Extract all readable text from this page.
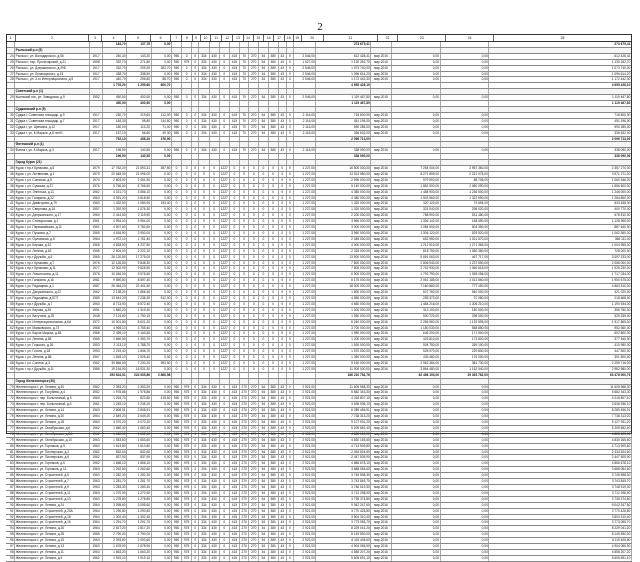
2
1	2	3	4	5	6	7	8	9	10	11	12	13	14	15	16	17	18	19	20	21	22	23	24	25
184,70	137,76	0,00	273 675,41	273 675,41
Рыльский р-н (5)
24 Рыльск г, ул. Володарского, д.56	1917	240,40	143,20	0,00	950	0	0	334	430	0	415	70	270	54	380	43	0	2 546,00	612 428,41	мар.2015	0,00	0,00	612 428,41
25 Рыльск г, пер. Пролетарский, д.21	1958	332,70	271,80	0,00	950	975	0	334	430	0	415	70	270	54	380	43	0	1 527,00	1 130 262,70	мар.2015	0,00	0,00	1 130 262,70
26 Рыльск г, ул. Дзержинского, д.29Б	1917	332,70	209,30	263,70	950	0	0	334	430	0	415	70	270	54	380	43	0	2 546,00	1 073 740,00	мар.2015	0,00	0,00	1 073 740,00
27 Рыльск г, ул. Луначарского, д.15	1917	438,70	338,50	0,00	950	0	0	334	430	0	415	70	270	54	380	43	0	2 546,00	1 096 614,20	мар.2015	0,00	0,00	1 096 614,20
28 Рыльск г, ул. 3-го Интернационала, д.5	1917	440,70	296,80	88,70	950	0	0	334	430	0	415	70	270	54	380	43	0	2 546,00	1 172 442,30	мар.2015	0,00	0,00	1 172 442,30
1 776,20	1 259,60	600,70	4 655 428,10	4 655 428,10
Советский р-н (1)
29 Кшенский пос, ул. Заводская, д.9	1952	450,50	400,50	0,00	950	0	0	334	430	0	415	70	270	54	380	43	0	2 546,00	1 119 467,80	мар.2015	0,00	0,00	1 119 467,80
450,50	400,50	0,00	1 119 467,80	1 119 467,80
Суджанский р-н (5)
30 Суджа г, Советская площадь, д.9	1917	230,70	219,60	112,00	950	0	0	334	430	0	415	70	270	54	380	43	0	2 116,00	718 600,00	мар.2015	0,00	0,00	718 600,00
31 Суджа г, Советская площадь, д.7	1917	184,30	98,80	144,60	950	0	0	334	430	0	415	70	270	54	380	43	0	2 116,00	451 196,00	мар.2015	0,00	0,00	451 196,00
32 Суджа г, ул. Щепкина, д.12	1917	180,00	113,20	71,00	950	0	0	334	430	0	415	70	270	54	380	43	0	2 116,00	590 285,00	мар.2015	0,00	0,00	590 285,00
33 Суджа г, ул. К.Маркса, д.8 лит.Б	1917	157,10	66,60	49,30	950	0	0	334	430	0	415	70	270	54	380	43	0	2 116,00	336 632,00	мар.2015	0,00	0,00	336 632,00
752,10	498,20	376,90	2 096 713,00	2 096 713,00
Фатежский р-н (1)
34 Фатеж г, ул. К.Маркса, д.3	1917	196,50	140,50	0,00	950	0	0	334	430	0	415	70	270	54	380	43	0	2 116,00	338 090,00	мар.2015	0,00	0,00	338 090,00
196,50	140,50	0,00	338 090,00	338 090,00
Город Курск (21)
35 Курск г, пр-т Кулакова, д.5	1979	17 762,20	21 693,31	357,50	0	0	0	0	0	1227	0	0	0	0	0	0	0	1 227,00	16 600 000,00	мар.2016	7 254 004,00	2 957 360,00	2 357 270,00
36 Курск г, ул. Литвинова, д.1	1979	22 648,90	21 096,00	0,00	0	0	0	0	0	1227	0	0	0	0	0	0	0	1 227,00	13 513 580,00	мар.2016	6 271 899,00	2 221 075,00	3 971 271,00
37 Курск г, ул. Союзная, д.5	1974	2 803,00	2 451,50	0,00	0	0	0	0	0	1227	0	0	0	0	0	0	0	1 227,00	2 996 000,00	мар.2016	979 900,00	88 706,00	1 060 346,00
38 Курск г, ул. Сумская, д.37	1976	5 766,50	5 766,50	0,00	0	0	0	0	0	1227	0	0	0	0	0	0	0	1 227,00	5 140 000,00	мар.2016	1 882 900,00	2 080 090,00	1 856 600,00
39 Курск г, ул. Энгельса, д.11	1962	4 021,70	3 586,10	0,00	0	0	0	0	0	1227	0	0	0	0	0	0	0	1 227,00	4 380 000,00	мар.2016	1 488 900,00	1 236 500,00	1 246 000,00
40 Курск г, ул. Гагарина, д.22	1963	4 091,20	3 618,50	0,00	0	0	0	0	0	1227	0	0	0	0	0	0	0	1 227,00	4 380 000,00	мар.2016	1 503 960,00	1 322 590,00	1 284 800,00
41 Курск г, ул. Димитрова, д.79	1960	1 432,50	1 083,90	193,40	0	0	0	0	0	1227	0	0	0	0	0	0	0	1 227,00	1 320 000,00	мар.2016	320 120,00	73 694,00	633 638,00
42 Курск г, ул. Сверлова, д.16	1957	1 392,90	1 076,30	0,00	0	0	0	0	0	1227	0	0	0	0	0	0	0	1 227,00	1 320 000,00	мар.2016	321 040,00	298 020,00	400 770,00
43 Курск г, ул. Дзержинского, д.17	1960	2 414,50	2 119,90	0,00	0	0	0	0	0	1227	0	0	0	0	0	0	0	1 227,00	2 200 000,00	мар.2016	788 900,00	531 480,00	678 510,00
44 Курск г, ул. Станционная, д.1	1961	4 954,00	3 954,00	0,00	0	0	0	0	0	1227	0	0	0	0	0	0	0	1 227,00	3 960 000,00	мар.2016	1 306 142,00	158 490,00	1 128 966,00
45 Курск г, ул. Первомайская, д.11	1961	4 507,60	3 782,60	0,00	0	0	0	0	0	1227	0	0	0	0	0	0	0	1 227,00	3 300 000,00	мар.2016	1 084 600,00	504 350,00	887 640,00
46 Курск г, ул. Пучкова, д.7	1965	4 616,90	3 950,00	0,00	0	0	0	0	0	1227	0	0	0	0	0	0	0	1 227,00	3 960 000,00	мар.2016	1 306 120,00	529 520,00	1 062 360,00
47 Курск г, ул. Орловская, д.5	1964	1 972,10	1 761,40	0,00	0	0	0	0	0	1227	0	0	0	0	0	0	0	1 227,00	2 045 000,00	мар.2016	652 950,00	1 021 570,00	366 111,00
48 Курск г, ул. Кирова, д.32	1965	4 818,90	4 237,50	0,00	0	0	0	0	0	1227	0	0	0	0	0	0	0	1 227,00	4 000 000,00	мар.2016	1 212 510,00	1 271 365,00	1 004 955,00
49 Курск г, ул. Ленина, д.62	1968	2 604,00	2 222,10	0,00	0	0	0	0	0	1227	0	0	0	0	0	0	0	1 227,00	2 325 000,00	мар.2016	818 750,00	1 080 380,00	725 000,00
50 Курск г, пр-т Дружбы, д.5	1965	26 120,80	17 275,00	0,00	0	0	0	0	0	1227	0	0	0	0	0	0	0	1 227,00	13 500 000,00	мар.2016	5 691 063,00	467 717,00	3 097 233,00
51 Курск г, пр-т Кулакова, д.7	1976	12 126,80	9 848,30	0,00	0	0	0	0	0	1227	0	0	0	0	0	0	0	1 227,00	7 800 000,00	мар.2016	2 806 940,00	1 237 590,00	2 056 000,00
52 Курск г, пр-т Кулакова, д.11	1977	12 002,90	9 825,50	0,00	0	0	0	0	0	1227	0	0	0	0	0	0	0	1 227,00	7 800 000,00	мар.2016	2 742 930,00	1 060 618,00	1 925 230,00
53 Курск г, ул. Ломоносова, д.11	1978	10 046,50	9 576,50	0,00	0	0	0	0	0	1227	0	0	0	0	0	0	0	1 227,00	6 500 000,00	мар.2016	1 792 790,00	1 055 056,00	1 717 034,00
54 Курск г, ул. Гагарина, д.16	1981	9 890,50	8 597,40	0,00	0	0	0	0	0	1227	0	0	0	0	0	0	0	1 227,00	6 175 000,00	мар.2016	2 061 185,00	1 013 560,00	1 950 575,00
55 Курск г, ул. Радищева, д.1	1987	26 464,20	22 401,50	0,00	0	0	0	0	0	1227	0	0	0	0	0	0	0	1 227,00	18 000 000,00	мар.2016	7 160 880,00	777 150,00	4 863 510,00
56 Курск г, ул. Дзержинского, д.22	1962	2 138,20	1 866,40	0,00	0	0	0	0	0	1227	0	0	0	0	0	0	0	1 227,00	1 800 000,00	мар.2016	627 760,00	540 000,00	421 020,00
57 Курск г, ул. Радищева, д.87/7	1989	13 644,20	7 236,30	512,00	0	0	0	0	0	1227	0	0	0	0	0	0	0	1 227,00	4 850 000,00	мар.2016	255 373,00	37 080,00	218 668,00
58 Курск г, пр-т Дружбы, д.7	1960	8 713,90	6 572,40	0,00	0	0	0	0	0	1227	0	0	0	0	0	0	0	1 227,00	4 650 000,00	мар.2016	1 484 216,00	1 306 210,00	1 190 934,00
59 Курск г, ул. Кирова, д.35	1951	1 682,20	1 319,30	0,00	0	0	0	0	0	1227	0	0	0	0	0	0	0	1 227,00	1 000 000,00	мар.2016	313 100,00	180 500,00	355 780,00
60 Курск г, ул. Ватутина, д.25	1948	2 124,60	1 750,10	0,00	0	0	0	0	0	1227	0	0	0	0	0	0	0	1 227,00	1 550 000,00	мар.2016	500 720,00	298 000,00	525 335,00
61 Курск г, ул. Интернациональная, д.6А	1972	10 001,80	8 621,20	0,00	0	0	0	0	0	1227	0	0	0	0	0	0	0	1 227,00	6 240 000,00	мар.2016	2 256 960,00	1 129 595,00	1 917 865,00
62 Курск г, ул. Маяковского, д.73	1968	4 965,10	3 755,40	0,00	0	0	0	0	0	1227	0	0	0	0	0	0	0	1 227,00	3 700 000,00	мар.2016	1 180 030,00	558 850,00	952 360,00
63 Курск г, ул. Карла Маркса, д.65	1968	2 499,10	2 163,50	0,00	0	0	0	0	0	1227	0	0	0	0	0	0	0	1 227,00	1 950 000,00	мар.2016	646 200,00	171 500,00	602 800,00
64 Курск г, ул. Ленина, д.56	1965	1 660,50	1 353,70	0,00	0	0	0	0	0	1227	0	0	0	0	0	0	0	1 227,00	1 200 000,00	мар.2016	423 810,00	173 820,00	377 540,00
65 Курск г, ул. Горького, д.26	1953	2 113,10	1 788,70	0,00	0	0	0	0	0	1227	0	0	0	0	0	0	0	1 227,00	1 530 000,00	мар.2016	504 750,00	269 100,00	410 980,00
66 Курск г, ул. Гоголя, д.18	1953	2 219,40	1 846,70	0,00	0	0	0	0	0	1227	0	0	0	0	0	0	0	1 227,00	1 570 000,00	мар.2016	525 970,00	229 800,00	447 500,00
67 Курск г, ул. Ленина, д.86	1967	1 818,10	1 525,40	0,00	0	0	0	0	0	1227	0	0	0	0	0	0	0	1 227,00	1 350 000,00	мар.2016	433 480,00	176 000,00	391 500,00
68 Курск г, ул. Сонина, д.3	1962	30 866,80	7 230,20	953,50	0	0	0	0	0	1227	0	0	0	0	0	0	0	1 227,00	9 150 000,00	мар.2016	2 962 384,00	381 730,00	2 259 716,00
69 Курск г, пр-т Дружбы, д.11	1986	19 154,90	16 531,30	0,00	0	0	0	0	0	1227	0	0	0	0	0	0	0	1 227,00	11 000 000,00	мар.2016	3 864 480,00	1 152 540,00	2 982 980,00
293 624,51	224 535,86	2 866,98	186 210 754,76	62 466 193,00	29 393 762,00	63 478 000,76
Город Железногорск (30)
70 Железногорск г, ул. Ленина, д.40	1962	2 353,20	2 353,20	0,00	950	975	0	334	430	0	415	270	270	54	380	43	0	2 921,00	11 605 968,30	мар.2016	0,00	0,00	11 605 968,30
71 Железногорск г, ул. Голубева, д.4	1962	1 978,86	1 978,86	0,00	950	975	0	334	430	0	415	270	270	54	380	43	0	2 921,00	5 682 343,30	мар.2016	0,00	0,00	5 682 343,30
72 Железногорск г, пер. Больничный, д.5	1960	1 263,70	822,80	415,50	950	975	0	334	430	0	415	270	270	54	380	43	0	2 921,00	4 018 807,10	мар.2016	0,00	0,00	4 018 807,10
73 Железногорск г, пер. Больничный, д.4	1961	1 245,10	1 245,10	0,00	950	975	0	334	430	0	415	270	270	54	380	43	0	2 921,00	3 636 936,10	мар.2016	0,00	0,00	3 636 936,10
74 Железногорск г, ул. Ленина, д.14	1963	2 808,91	2 808,91	0,00	950	975	0	334	430	0	415	270	270	54	380	43	0	2 921,00	8 289 456,91	мар.2016	0,00	0,00	8 289 456,91
75 Железногорск г, ул. Ленина, д.20	1964	2 649,20	2 649,20	0,00	950	975	0	334	430	0	415	270	270	54	380	43	0	2 921,00	7 738 313,20	мар.2016	0,00	0,00	7 738 313,20
76 Железногорск г, ул. Ленина, д.18	1963	3 070,20	3 070,20	0,00	950	975	0	334	430	0	415	270	270	54	380	43	0	2 921,00	9 127 931,20	мар.2016	0,00	0,00	9 127 931,20
77 Железногорск г, ул. Октябрьская, д.6	1962	1 660,40	1 660,40	0,00	950	975	0	334	430	0	415	270	270	54	380	43	0	2 921,00	5 209 652,40	мар.2016	0,00	0,00	5 209 652,40
78 Железногорск г, ул. Октябрьская, д.8А	1962	1 652,90	1 652,90	0,00	950	975	0	334	430	0	415	270	270	54	380	43	0	2 921,00	4 828 120,90	мар.2016	0,00	0,00	4 828 120,90
79 Железногорск г, ул. Октябрьская, д.10	1963	1 653,60	1 653,60	0,00	950	975	0	334	430	0	415	270	270	54	380	43	0	2 921,00	4 830 165,60	мар.2016	0,00	0,00	4 830 165,60
80 Железногорск г, ул. Горняков, д.9	1963	1 613,80	1 613,80	0,00	950	975	0	334	430	0	415	270	270	54	380	43	0	2 921,00	4 713 909,80	мар.2016	0,00	0,00	4 713 909,80
81 Железногорск г, ул. Пионерская, д.2	1962	832,60	832,60	0,00	950	975	0	334	430	0	415	270	270	54	380	43	0	2 921,00	2 434 524,60	мар.2016	0,00	0,00	2 434 524,60
82 Железногорск г, ул. Пионерская, д.6	1962	837,90	837,90	0,00	950	975	0	334	430	0	415	270	270	54	380	43	0	2 921,00	2 447 505,90	мар.2016	0,00	0,00	2 447 505,90
83 Железногорск г, ул. Горняков, д.5	1962	1 666,10	1 666,10	0,00	950	975	0	334	430	0	415	270	270	54	380	43	0	2 921,00	4 866 678,10	мар.2016	0,00	0,00	4 866 678,10
84 Железногорск г, ул. Горняков, д.11	1963	1 262,60	1 262,60	0,00	950	975	0	334	430	0	415	270	270	54	380	43	0	2 921,00	3 688 054,60	мар.2016	0,00	0,00	3 688 054,60
85 Железногорск г, ул. Строителей, д.5	1963	1 282,30	1 282,30	0,00	950	975	0	334	430	0	415	270	270	54	380	43	0	2 921,00	3 745 598,30	мар.2016	0,00	0,00	3 745 598,30
86 Железногорск г, ул. Строителей, д.7	1963	1 281,70	1 281,70	0,00	950	975	0	334	430	0	415	270	270	54	380	43	0	2 921,00	3 743 845,70	мар.2016	0,00	0,00	3 743 845,70
87 Железногорск г, ул. Строителей, д.9	1963	1 283,30	1 283,30	0,00	950	975	0	334	430	0	415	270	270	54	380	43	0	2 921,00	3 748 519,30	мар.2016	0,00	0,00	3 748 519,30
88 Железногорск г, ул. Строителей, д.11	1963	1 270,90	1 270,90	0,00	950	975	0	334	430	0	415	270	270	54	380	43	0	2 921,00	3 712 298,90	мар.2016	0,00	0,00	3 712 298,90
89 Железногорск г, ул. Строителей, д.13	1963	1 278,80	1 278,80	0,00	950	975	0	334	430	0	415	270	270	54	380	43	0	2 921,00	3 735 374,80	мар.2016	0,00	0,00	3 735 374,80
90 Железногорск г, ул. Ленина, д.24	1964	3 095,60	3 095,60	0,00	950	975	0	334	430	0	415	270	270	54	380	43	0	2 921,00	9 042 247,60	мар.2016	0,00	0,00	9 042 247,60
91 Железногорск г, ул. Строителей, д.20А	1964	1 290,80	1 290,80	0,00	950	975	0	334	430	0	415	270	270	54	380	43	0	2 921,00	3 770 426,80	мар.2016	0,00	0,00	3 770 426,80
92 Железногорск г, ул. Строителей, д.18	1964	1 302,40	1 302,40	0,00	950	975	0	334	430	0	415	270	270	54	380	43	0	2 921,00	3 804 310,40	мар.2016	0,00	0,00	3 804 310,40
93 Железногорск г, ул. Строителей, д.16	1964	1 291,70	1 291,70	0,00	950	975	0	334	430	0	415	270	270	54	380	43	0	2 921,00	3 773 055,70	мар.2016	0,00	0,00	3 773 055,70
94 Железногорск г, ул. Ленина, д.26	1964	2 817,20	2 817,20	0,00	950	975	0	334	430	0	415	270	270	54	380	43	0	2 921,00	8 229 041,20	мар.2016	0,00	0,00	8 229 041,20
95 Железногорск г, ул. Ленина, д.28	1965	2 790,00	2 790,00	0,00	950	975	0	334	430	0	415	270	270	54	380	43	0	2 921,00	8 149 590,00	мар.2016	0,00	0,00	8 149 590,00
96 Железногорск г, ул. Ленина, д.15	1963	2 093,60	2 093,60	0,00	950	975	0	334	430	0	415	270	270	54	380	43	0	2 921,00	6 115 405,60	мар.2016	0,00	0,00	6 115 405,60
97 Железногорск г, ул. Ленина, д.13	1963	1 678,90	1 678,90	0,00	950	975	0	334	430	0	415	270	270	54	380	43	0	2 921,00	4 904 066,90	мар.2016	0,00	0,00	4 904 066,90
98 Железногорск г, ул. Ленина, д.11	1963	1 663,20	1 663,20	0,00	950	975	0	334	430	0	415	270	270	54	380	43	0	2 921,00	4 858 207,20	мар.2016	0,00	0,00	4 858 207,20
99 Железногорск г, ул. Ленина, д.9	1962	1 919,10	1 919,10	0,00	950	975	0	334	430	0	415	270	270	54	380	43	0	2 921,00	5 605 691,10	мар.2016	0,00	0,00	5 605 691,10
